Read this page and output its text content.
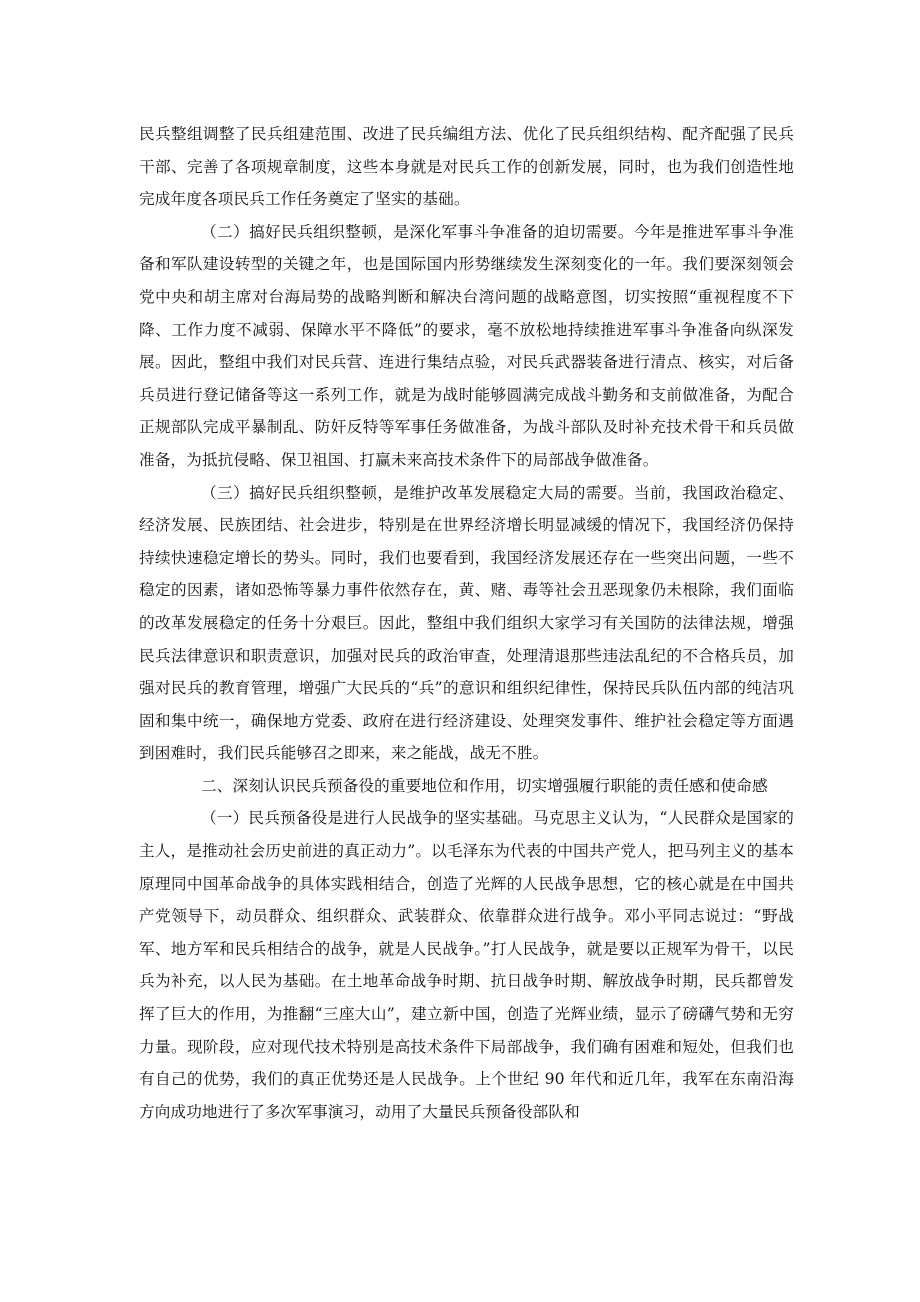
民兵整组调整了民兵组建范围、改进了民兵编组方法、优化了民兵组织结构、配齐配强了民兵干部、完善了各项规章制度，这些本身就是对民兵工作的创新发展，同时，也为我们创造性地完成年度各项民兵工作任务奠定了坚实的基础。

（二）搞好民兵组织整顿，是深化军事斗争准备的迫切需要。今年是推进军事斗争准备和军队建设转型的关键之年，也是国际国内形势继续发生深刻变化的一年。我们要深刻领会党中央和胡主席对台海局势的战略判断和解决台湾问题的战略意图，切实按照“重视程度不下降、工作力度不减弱、保障水平不降低”的要求，毫不放松地持续推进军事斗争准备向纵深发展。因此，整组中我们对民兵营、连进行集结点验，对民兵武器装备进行清点、核实，对后备兵员进行登记储备等这一系列工作，就是为战时能够圆满完成战斗勤务和支前做准备，为配合正规部队完成平暴制乱、防奸反特等军事任务做准备，为战斗部队及时补充技术骨干和兵员做准备，为抵抗侵略、保卫祖国、打赢未来高技术条件下的局部战争做准备。

（三）搞好民兵组织整顿，是维护改革发展稳定大局的需要。当前，我国政治稳定、经济发展、民族团结、社会进步，特别是在世界经济增长明显减缓的情况下，我国经济仍保持持续快速稳定增长的势头。同时，我们也要看到，我国经济发展还存在一些突出问题，一些不稳定的因素，诸如恐怖等暴力事件依然存在，黄、赌、毒等社会丑恶现象仍未根除，我们面临的改革发展稳定的任务十分艰巨。因此，整组中我们组织大家学习有关国防的法律法规，增强民兵法律意识和职责意识，加强对民兵的政治审查，处理清退那些违法乱纪的不合格兵员，加强对民兵的教育管理，增强广大民兵的“兵”的意识和组织纪律性，保持民兵队伍内部的纯洁巩固和集中统一，确保地方党委、政府在进行经济建设、处理突发事件、维护社会稳定等方面遇到困难时，我们民兵能够召之即来，来之能战，战无不胜。

二、深刻认识民兵预备役的重要地位和作用，切实增强履行职能的责任感和使命感

（一）民兵预备役是进行人民战争的坚实基础。马克思主义认为，“人民群众是国家的主人，是推动社会历史前进的真正动力”。以毛泽东为代表的中国共产党人，把马列主义的基本原理同中国革命战争的具体实践相结合，创造了光辉的人民战争思想，它的核心就是在中国共产党领导下，动员群众、组织群众、武装群众、依靠群众进行战争。邓小平同志说过：“野战军、地方军和民兵相结合的战争，就是人民战争。”打人民战争，就是要以正规军为骨干，以民兵为补充，以人民为基础。在土地革命战争时期、抗日战争时期、解放战争时期，民兵都曾发挥了巨大的作用，为推翻“三座大山”，建立新中国，创造了光辉业绩，显示了磅礴气势和无穷力量。现阶段，应对现代技术特别是高技术条件下局部战争，我们确有困难和短处，但我们也有自己的优势，我们的真正优势还是人民战争。上个世纪 90 年代和近几年，我军在东南沿海方向成功地进行了多次军事演习，动用了大量民兵预备役部队和
